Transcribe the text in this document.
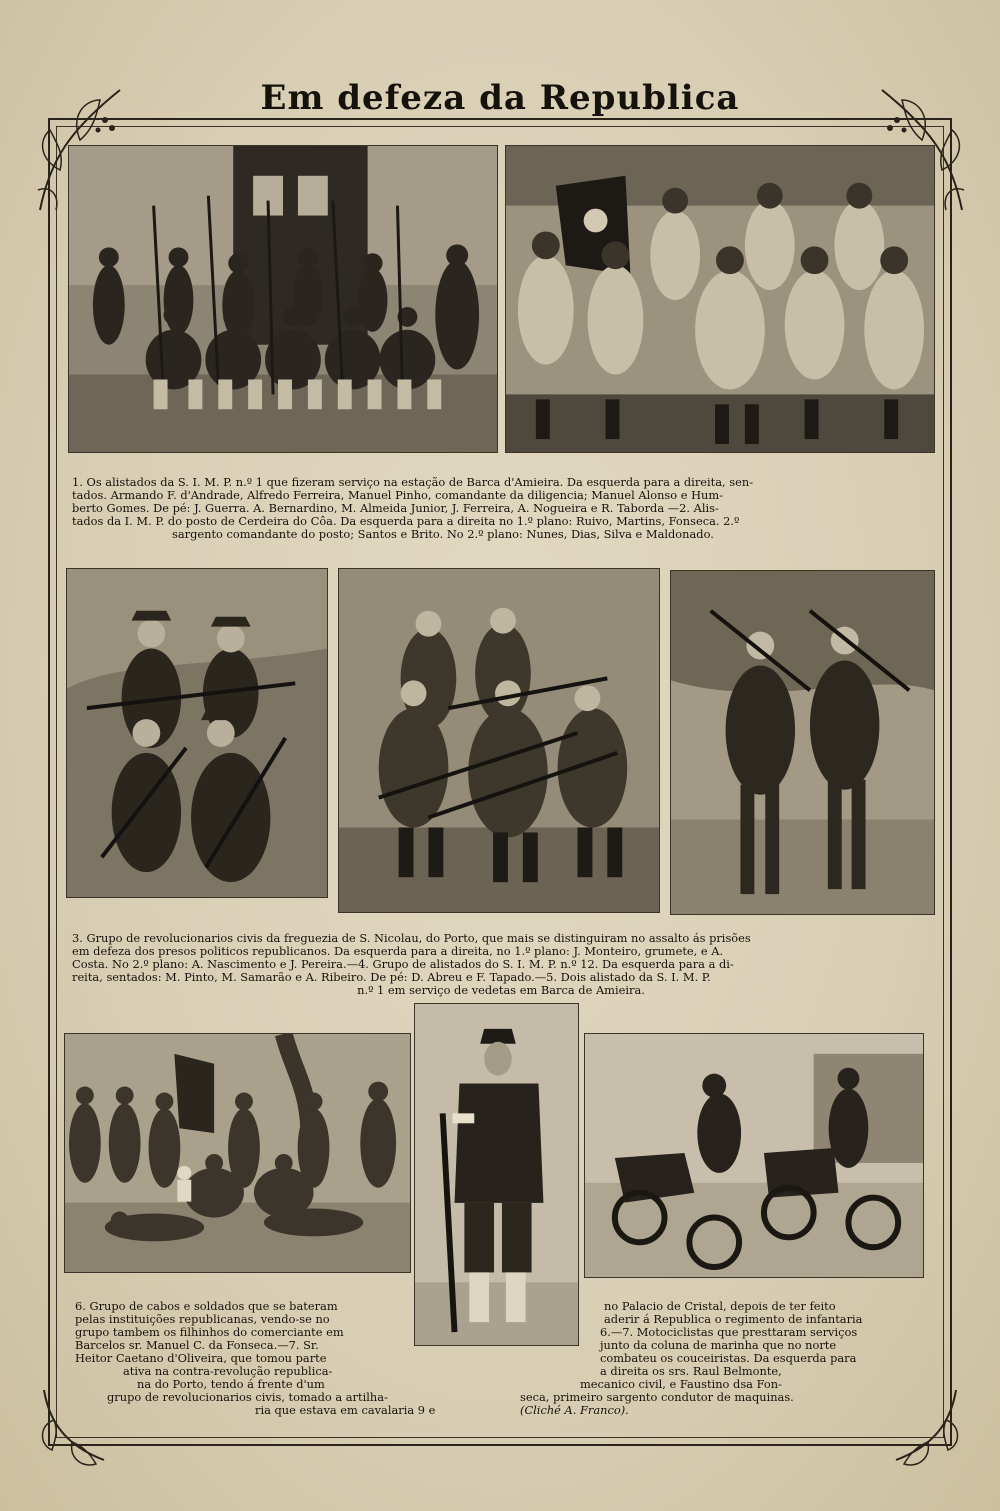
Em defeza da Republica

1. Os alistados da S. I. M. P. n.º 1 que fizeram serviço na estação de Barca d'Amieira. Da esquerda para a direita, sen-

tados. Armando F. d'Andrade, Alfredo Ferreira, Manuel Pinho, comandante da diligencia; Manuel Alonso e Hum-

berto Gomes. De pé: J. Guerra. A. Bernardino, M. Almeida Junior, J. Ferreira, A. Nogueira e R. Taborda —2. Alis-

tados da I. M. P. do posto de Cerdeira do Côa. Da esquerda para a direita no 1.º plano: Ruivo, Martins, Fonseca. 2.º

sargento comandante do posto; Santos e Brito. No 2.º plano: Nunes, Dias, Silva e Maldonado.

3. Grupo de revolucionarios civis da freguezia de S. Nicolau, do Porto, que mais se distinguiram no assalto ás prisões

em defeza dos presos politicos republicanos. Da esquerda para a direita, no 1.º plano: J. Monteiro, grumete, e A.

Costa. No 2.º plano: A. Nascimento e J. Pereira.—4. Grupo de alistados do S. I. M. P. n.º 12. Da esquerda para a di-

reita, sentados: M. Pinto, M. Samarão e A. Ribeiro. De pé: D. Abreu e F. Tapado.—5. Dois alistado da S. I. M. P.

n.º 1 em serviço de vedetas em Barca de Amieira.

6. Grupo de cabos e soldados que se bateram

pelas instituições republicanas, vendo-se no

grupo tambem os filhinhos do comerciante em

Barcelos sr. Manuel C. da Fonseca.—7. Sr.

Heitor Caetano d'Oliveira, que tomou parte

ativa na contra-revolução republica-

na do Porto, tendo á frente d'um

grupo de revolucionarios civis, tomado a artilha-

ria que estava em cavalaria 9 e

no Palacio de Cristal, depois de ter feito

aderir á Republica o regimento de infantaria

6.—7. Motociclistas que presttaram serviços

junto da coluna de marinha que no norte

combateu os couceiristas. Da esquerda para

a direita os srs. Raul Belmonte,

mecanico civil, e Faustino dsa Fon-

seca, primeiro sargento condutor de maquinas.

(Cliché A. Franco).
